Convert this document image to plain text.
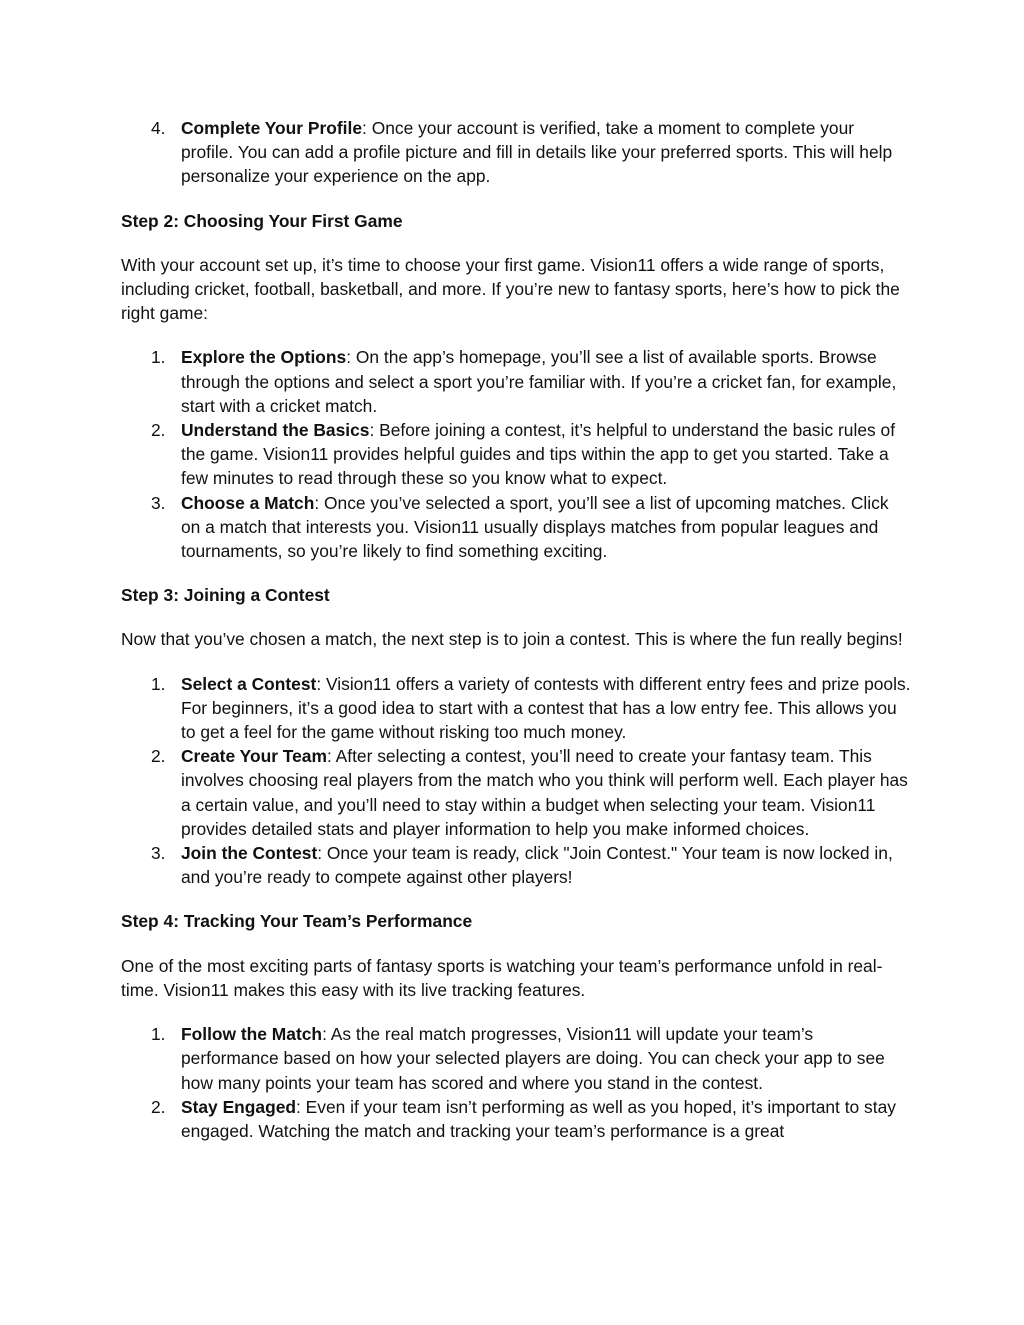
4. Complete Your Profile: Once your account is verified, take a moment to complete your profile. You can add a profile picture and fill in details like your preferred sports. This will help personalize your experience on the app.

Step 2: Choosing Your First Game

With your account set up, it’s time to choose your first game. Vision11 offers a wide range of sports, including cricket, football, basketball, and more. If you’re new to fantasy sports, here’s how to pick the right game:

1. Explore the Options: On the app’s homepage, you’ll see a list of available sports. Browse through the options and select a sport you’re familiar with. If you’re a cricket fan, for example, start with a cricket match.
2. Understand the Basics: Before joining a contest, it’s helpful to understand the basic rules of the game. Vision11 provides helpful guides and tips within the app to get you started. Take a few minutes to read through these so you know what to expect.
3. Choose a Match: Once you’ve selected a sport, you’ll see a list of upcoming matches. Click on a match that interests you. Vision11 usually displays matches from popular leagues and tournaments, so you’re likely to find something exciting.

Step 3: Joining a Contest

Now that you’ve chosen a match, the next step is to join a contest. This is where the fun really begins!

1. Select a Contest: Vision11 offers a variety of contests with different entry fees and prize pools. For beginners, it’s a good idea to start with a contest that has a low entry fee. This allows you to get a feel for the game without risking too much money.
2. Create Your Team: After selecting a contest, you’ll need to create your fantasy team. This involves choosing real players from the match who you think will perform well. Each player has a certain value, and you’ll need to stay within a budget when selecting your team. Vision11 provides detailed stats and player information to help you make informed choices.
3. Join the Contest: Once your team is ready, click "Join Contest." Your team is now locked in, and you’re ready to compete against other players!

Step 4: Tracking Your Team’s Performance

One of the most exciting parts of fantasy sports is watching your team’s performance unfold in real-time. Vision11 makes this easy with its live tracking features.

1. Follow the Match: As the real match progresses, Vision11 will update your team’s performance based on how your selected players are doing. You can check your app to see how many points your team has scored and where you stand in the contest.
2. Stay Engaged: Even if your team isn’t performing as well as you hoped, it’s important to stay engaged. Watching the match and tracking your team’s performance is a great
